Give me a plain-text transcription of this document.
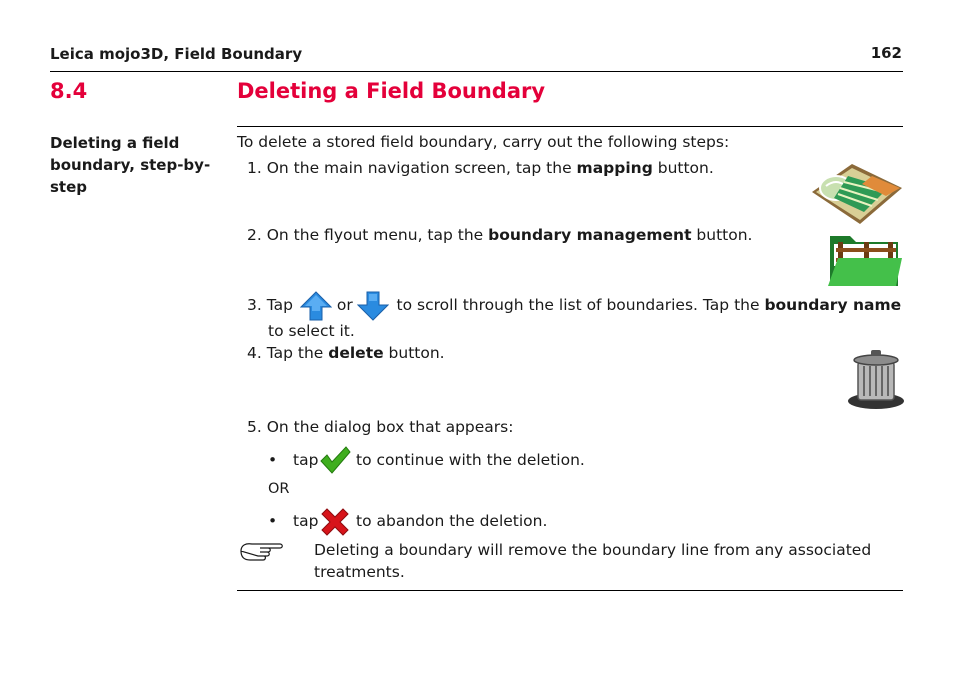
Leica mojo3D, Field Boundary	162
8.4	Deleting a Field Boundary
Deleting a field boundary, step-by-step
To delete a stored field boundary, carry out the following steps:
1. On the main navigation screen, tap the mapping button.
2. On the flyout menu, tap the boundary management button.
3. Tap  or  to scroll through the list of boundaries. Tap the boundary name
to select it.
4. Tap the delete button.
5. On the dialog box that appears:
• tap to continue with the deletion.
OR
• tap to abandon the deletion.
Deleting a boundary will remove the boundary line from any associated treatments.
